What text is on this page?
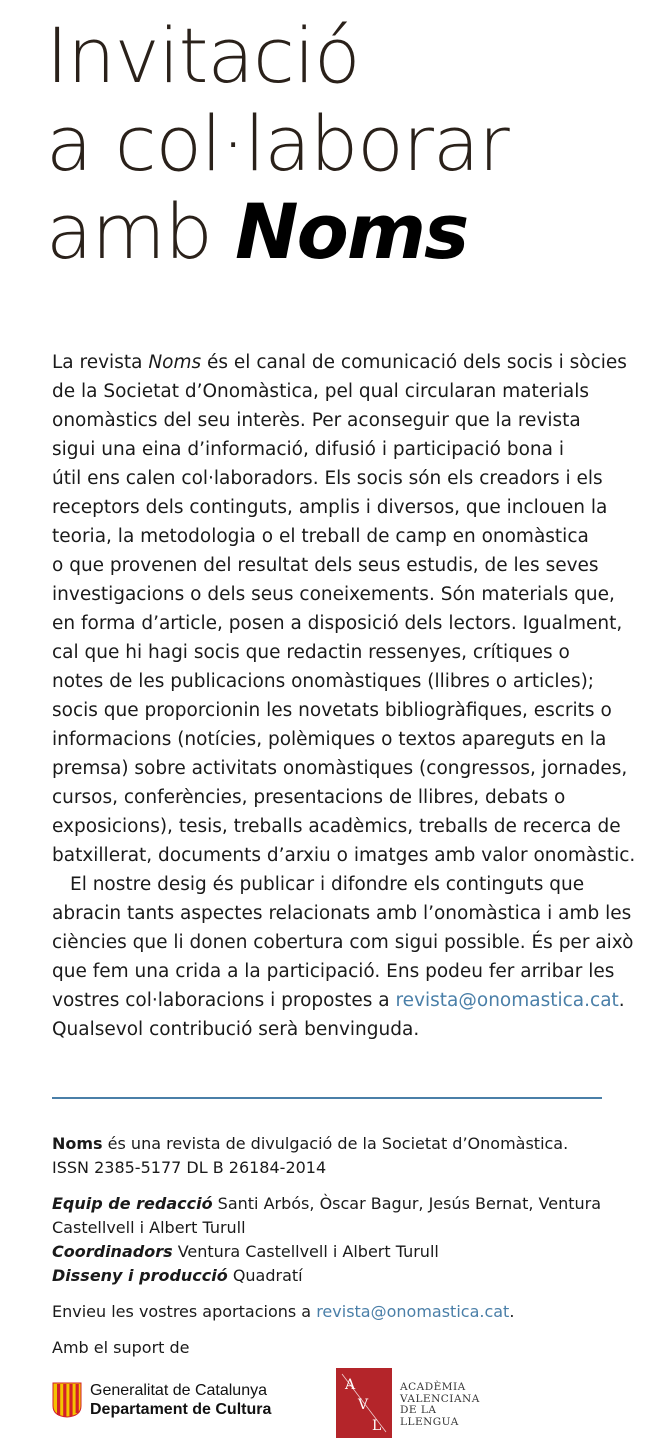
Invitació
a col·laborar
amb Noms
La revista Noms és el canal de comunicació dels socis i sòcies
de la Societat d’Onomàstica, pel qual circularan materials
onomàstics del seu interès. Per aconseguir que la revista
sigui una eina d’informació, difusió i participació bona i
útil ens calen col·laboradors. Els socis són els creadors i els
receptors dels continguts, amplis i diversos, que inclouen la
teoria, la metodologia o el treball de camp en onomàstica
o que provenen del resultat dels seus estudis, de les seves
investigacions o dels seus coneixements. Són materials que,
en forma d’article, posen a disposició dels lectors. Igualment,
cal que hi hagi socis que redactin ressenyes, crítiques o
notes de les publicacions onomàstiques (llibres o articles);
socis que proporcionin les novetats bibliogràfiques, escrits o
informacions (notícies, polèmiques o textos apareguts en la
premsa) sobre activitats onomàstiques (congressos, jornades,
cursos, conferències, presentacions de llibres, debats o
exposicions), tesis, treballs acadèmics, treballs de recerca de
batxillerat, documents d’arxiu o imatges amb valor onomàstic.
El nostre desig és publicar i difondre els continguts que
abracin tants aspectes relacionats amb l’onomàstica i amb les
ciències que li donen cobertura com sigui possible. És per això
que fem una crida a la participació. Ens podeu fer arribar les
vostres col·laboracions i propostes a revista@onomastica.cat.
Qualsevol contribució serà benvinguda.
Noms és una revista de divulgació de la Societat d’Onomàstica.
ISSN 2385-5177 DL B 26184-2014
Equip de redacció Santi Arbós, Òscar Bagur, Jesús Bernat, Ventura
Castellvell i Albert Turull
Coordinadors Ventura Castellvell i Albert Turull
Disseny i producció Quadratí
Envieu les vostres aportacions a revista@onomastica.cat.
Amb el suport de
Generalitat de Catalunya
Departament de Cultura
A
V
L
ACADÈMIA
VALENCIANA
DE LA
LLENGUA
